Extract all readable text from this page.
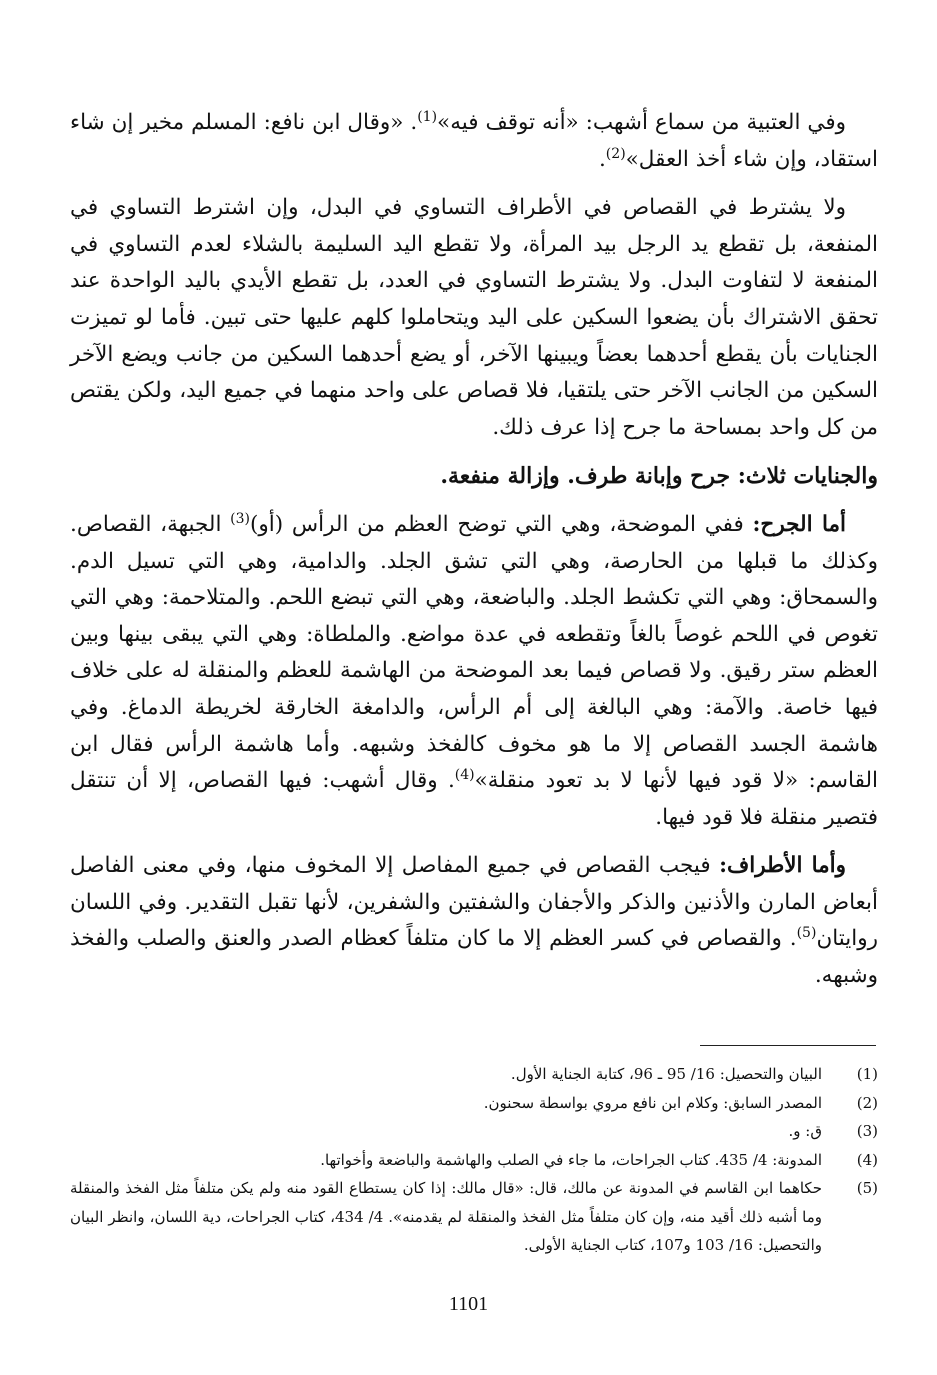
وفي العتبية من سماع أشهب: «أنه توقف فيه»$^{(1)}$. «وقال ابن نافع: المسلم مخير إن شاء استقاد، وإن شاء أخذ العقل»$^{(2)}$.

ولا يشترط في القصاص في الأطراف التساوي في البدل، وإن اشترط التساوي في المنفعة، بل تقطع يد الرجل بيد المرأة، ولا تقطع اليد السليمة بالشلاء لعدم التساوي في المنفعة لا لتفاوت البدل. ولا يشترط التساوي في العدد، بل تقطع الأيدي باليد الواحدة عند تحقق الاشتراك بأن يضعوا السكين على اليد ويتحاملوا كلهم عليها حتى تبين. فأما لو تميزت الجنايات بأن يقطع أحدهما بعضاً ويبينها الآخر، أو يضع أحدهما السكين من جانب ويضع الآخر السكين من الجانب الآخر حتى يلتقيا، فلا قصاص على واحد منهما في جميع اليد، ولكن يقتص من كل واحد بمساحة ما جرح إذا عرف ذلك.

والجنايات ثلاث: جرح وإبانة طرف. وإزالة منفعة.

أما الجرح: ففي الموضحة، وهي التي توضح العظم من الرأس (أو)$^{(3)}$ الجبهة، القصاص. وكذلك ما قبلها من الحارصة، وهي التي تشق الجلد. والدامية، وهي التي تسيل الدم. والسمحاق: وهي التي تكشط الجلد. والباضعة، وهي التي تبضع اللحم. والمتلاحمة: وهي التي تغوص في اللحم غوصاً بالغاً وتقطعه في عدة مواضع. والملطاة: وهي التي يبقى بينها وبين العظم ستر رقيق. ولا قصاص فيما بعد الموضحة من الهاشمة للعظم والمنقلة له على خلاف فيها خاصة. والآمة: وهي البالغة إلى أم الرأس، والدامغة الخارقة لخريطة الدماغ. وفي هاشمة الجسد القصاص إلا ما هو مخوف كالفخذ وشبهه. وأما هاشمة الرأس فقال ابن القاسم: «لا قود فيها لأنها لا بد تعود منقلة»$^{(4)}$. وقال أشهب: فيها القصاص، إلا أن تنتقل فتصير منقلة فلا قود فيها.

وأما الأطراف: فيجب القصاص في جميع المفاصل إلا المخوف منها، وفي معنى الفاصل أبعاض المارن والأذنين والذكر والأجفان والشفتين والشفرين، لأنها تقبل التقدير. وفي اللسان روايتان$^{(5)}$. والقصاص في كسر العظم إلا ما كان متلفاً كعظام الصدر والعنق والصلب والفخذ وشبهه.

(1)
البيان والتحصيل: 16/ 95 ـ 96، كتابة الجناية الأول.
(2)
المصدر السابق: وكلام ابن نافع مروي بواسطة سحنون.
(3)
ق: و.
(4)
المدونة: 4/ 435. كتاب الجراحات، ما جاء في الصلب والهاشمة والباضعة وأخواتها.
(5)
حكاهما ابن القاسم في المدونة عن مالك، قال: «قال مالك: إذا كان يستطاع القود منه ولم يكن متلفاً مثل الفخذ والمنقلة وما أشبه ذلك أقيد منه، وإن كان متلفاً مثل الفخذ والمنقلة لم يقدمنه». 4/ 434، كتاب الجراحات، دية اللسان، وانظر البيان والتحصيل: 16/ 103 و107، كتاب الجناية الأولى.
1101
